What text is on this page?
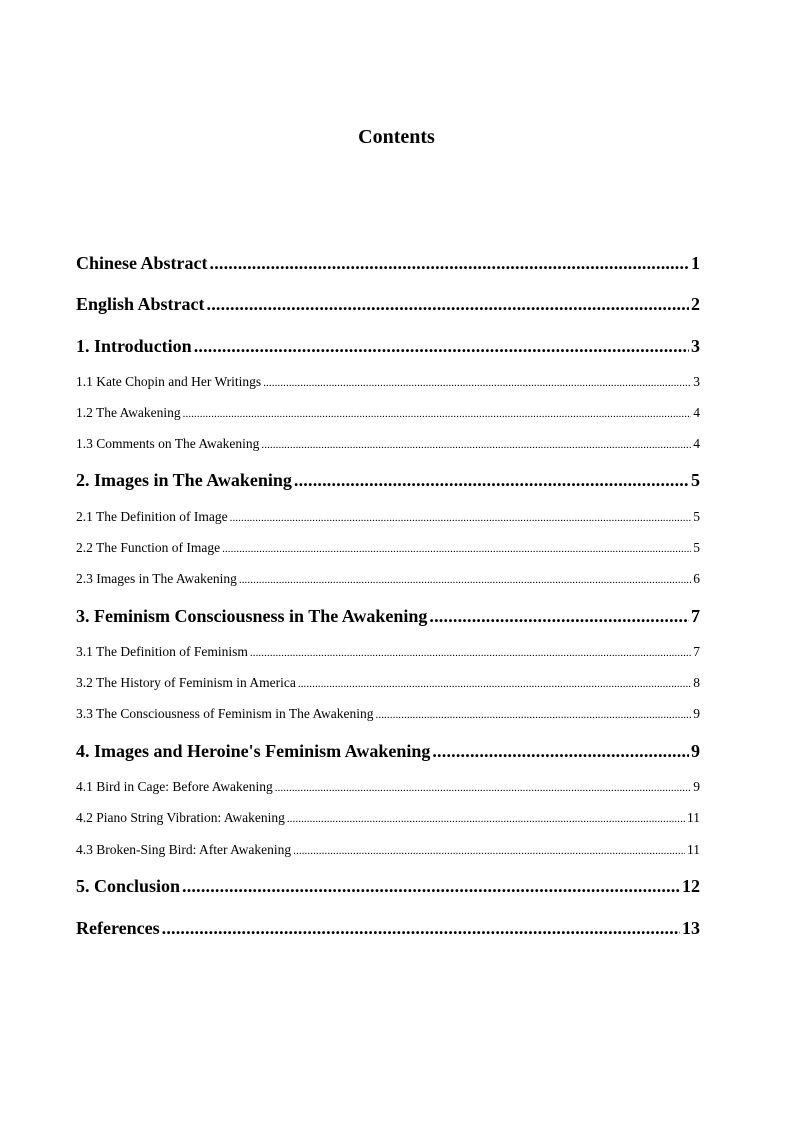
Contents
Chinese Abstract .....	1
English Abstract .....	2
1. Introduction .....	3
1.1 Kate Chopin and Her Writings .....	3
1.2 The Awakening .....	4
1.3 Comments on The Awakening .....	4
2. Images in The Awakening .....	5
2.1 The Definition of Image .....	5
2.2 The Function of Image .....	5
2.3 Images in The Awakening .....	6
3. Feminism Consciousness in The Awakening .....	7
3.1 The Definition of Feminism .....	7
3.2 The History of Feminism in America .....	8
3.3 The Consciousness of Feminism in The Awakening .....	9
4. Images and Heroine's Feminism Awakening .....	9
4.1 Bird in Cage: Before Awakening .....	9
4.2 Piano String Vibration: Awakening .....	11
4.3 Broken-Sing Bird: After Awakening .....	11
5. Conclusion .....	12
References .....	13
